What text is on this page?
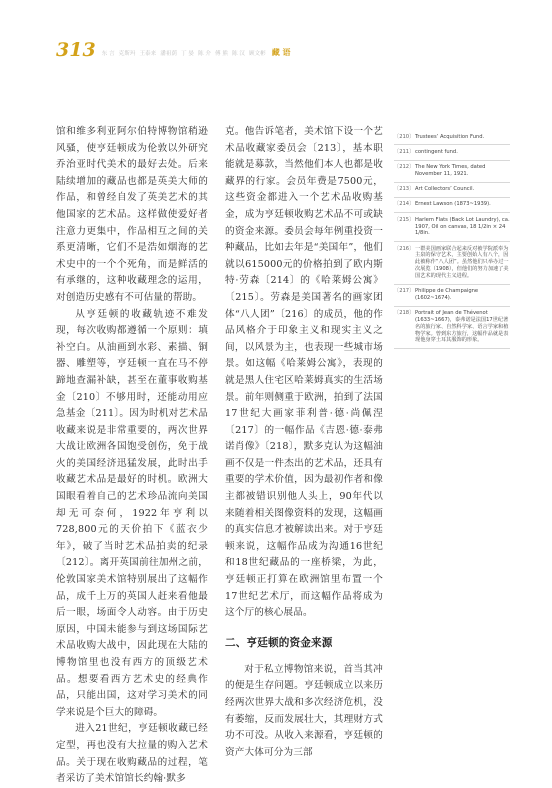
313 东 言 克斯玛 王泰来 潘祖荫 丁 晏 陈 介 傅 熊 陈 汉 顾文彬 藏 语

馆和维多利亚阿尔伯特博物馆稍逊风骚，使亨廷顿成为伦敦以外研究乔治亚时代美术的最好去处。后来陆续增加的藏品也都是英美大师的作品，和曾经自发了英美艺术的其他国家的艺术品。这样做使爱好者注意力更集中，作品相互之间的关系更清晰，它们不是浩如烟海的艺术史中的一个个死角，而是鲜活的有承继的，这种收藏理念的运用，对创造历史感有不可估量的帮助。

从亨廷顿的收藏轨迹不难发现，每次收购都遵循一个原则：填补空白。从油画到水彩、素描、铜器、雕塑等，亨廷顿一直在马不停蹄地查漏补缺，甚至在董事收购基金〔210〕不够用时，还能动用应急基金〔211〕。因为时机对艺术品收藏来说是非常重要的，两次世界大战让欧洲各国饱受创伤，免于战火的美国经济迅猛发展，此时出手收藏艺术品是最好的时机。欧洲大国眼看着自己的艺术珍品流向美国却无可奈何，1922年亨利以728,800元的天价拍下《蓝衣少年》，破了当时艺术品拍卖的纪录〔212〕。离开英国前往加州之前，伦敦国家美术馆特别展出了这幅作品，成千上万的英国人赶来看他最后一眼，场面令人动容。由于历史原因，中国未能参与到这场国际艺术品收购大战中，因此现在大陆的博物馆里也没有西方的顶级艺术品。想要看西方艺术史的经典作品，只能出国，这对学习美术的同学来说是个巨大的障碍。

进入21世纪，亨廷顿收藏已经定型，再也没有大拉量的购入艺术品。关于现在收购藏品的过程，笔者采访了美术馆馆长约翰·默多

克。他告诉笔者，美术馆下设一个艺术品收藏家委员会〔213〕，基本职能就是募款，当然他们本人也都是收藏界的行家。会员年费是7500元，这些资金都进入一个艺术品收购基金，成为亨廷顿收购艺术品不可或缺的资金来源。委员会每年例重投资一种藏品，比如去年是“美国年”，他们就以615000元的价格拍到了欧内斯特·劳森〔214〕的《哈莱姆公寓》〔215〕。劳森是美国著名的画家团体“八人团”〔216〕的成员，他的作品风格介于印象主义和现实主义之间，以风景为主，也表现一些城市场景。如这幅《哈莱姆公寓》，表现的就是黑人住宅区哈莱姆真实的生活场景。前年则侧重于欧洲，拍到了法国17世纪大画家菲利普·德·尚佩涅〔217〕的一幅作品《吉恩·德·泰弗诺肖像》〔218〕，默多克认为这幅油画不仅是一件杰出的艺术品，还具有重要的学术价值，因为最初作者和像主都被错识别他人头上，90年代以来随着相关图像资料的发现，这幅画的真实信息才被解读出来。对于亨廷顿来说，这幅作品成为沟通16世纪和18世纪藏品的一座桥梁，为此，亨廷顿正打算在欧洲馆里布置一个17世纪艺术厅，而这幅作品将成为这个厅的核心展品。

二、亨廷顿的资金来源

对于私立博物馆来说，首当其冲的便是生存问题。亨廷顿成立以来历经两次世界大战和多次经济危机，没有萎缩，反而发展壮大，其理财方式功不可没。从收入来源看，亨廷顿的资产大体可分为三部

〔210〕 Trustees’ Acquisition Fund.
〔211〕 contingent fund.
〔212〕 The New York Times, dated November 11, 1921.
〔213〕 Art Collectors’ Council.
〔214〕 Ernest Lawson (1873~1939).
〔215〕 Harlem Flats (Back Lot Laundry), ca. 1907, Oil on canvas, 18 1/2in × 24 1/8in.
〔216〕 一群美国画家联合起来反对被学院派奉为主泉的保守艺术，主要创始人有八个，因此被称作“八人团”。虽然他们只举办过一次展览（1908），但他们的努力加速了美国艺术的现代主义进程。
〔217〕 Philippe de Champaigne (1602~1674).
〔218〕 Portrait of Jean de Thévenot (1633~1667)，泰弗诺是法国17世纪著名的旅行家、自然科学家、语言学家和植物学家。曾到东方旅行，这幅作品就是表现他身穿土耳其服饰的形象。
